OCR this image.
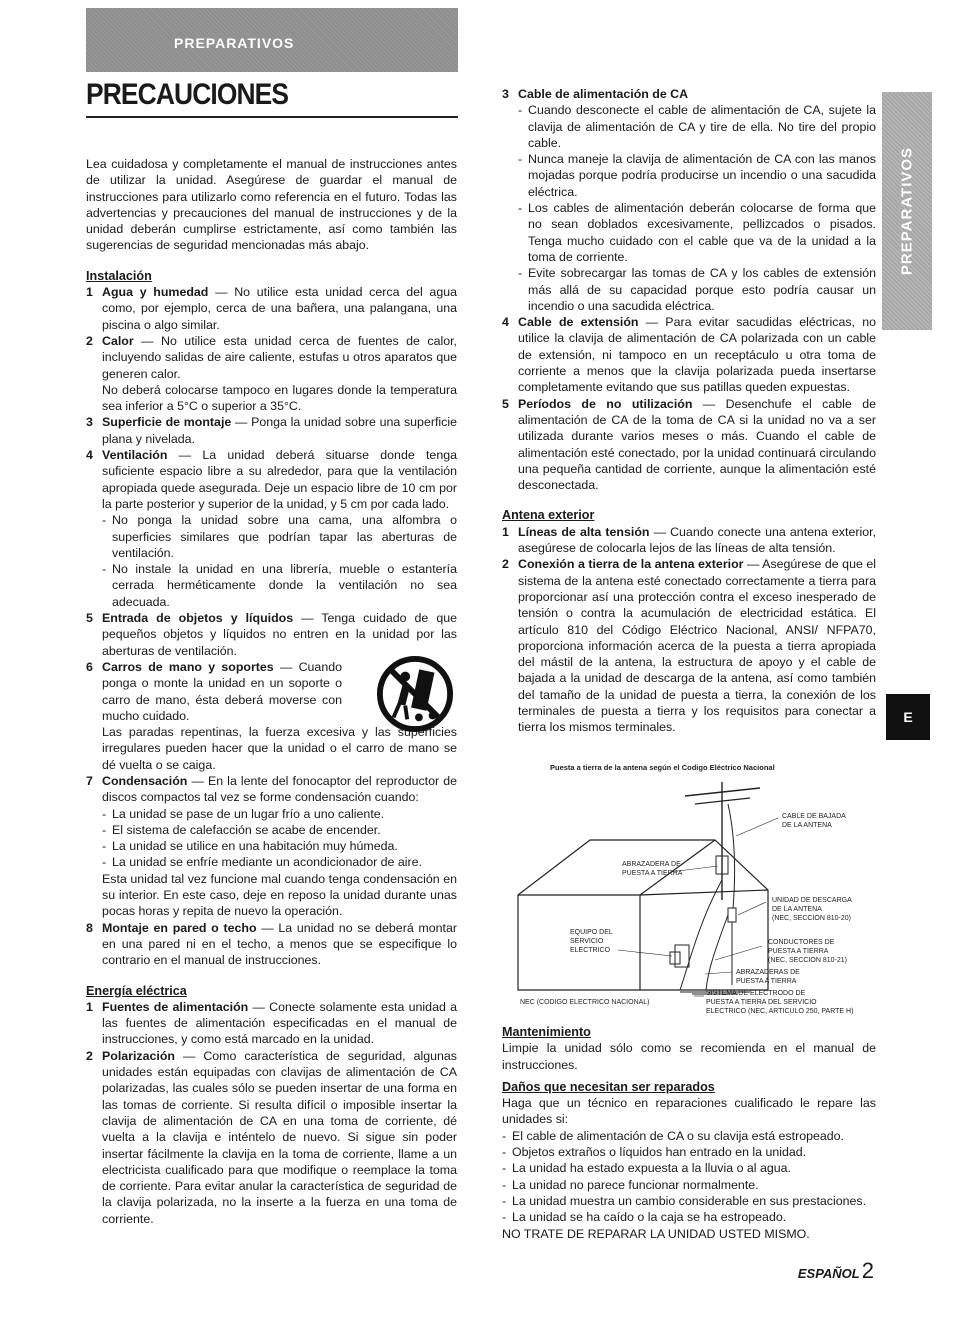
PREPARATIVOS
PRECAUCIONES

Lea cuidadosa y completamente el manual de instrucciones antes de utilizar la unidad. Asegúrese de guardar el manual de instrucciones para utilizarlo como referencia en el futuro. Todas las advertencias y precauciones del manual de instrucciones y de la unidad deberán cumplirse estrictamente, así como también las sugerencias de seguridad mencionadas más abajo.

Instalación
1 Agua y humedad — No utilice esta unidad cerca del agua como, por ejemplo, cerca de una bañera, una palangana, una piscina o algo similar.
2 Calor — No utilice esta unidad cerca de fuentes de calor, incluyendo salidas de aire caliente, estufas u otros aparatos que generen calor.

No deberá colocarse tampoco en lugares donde la temperatura sea inferior a 5°C o superior a 35°C.

3 Superficie de montaje — Ponga la unidad sobre una superficie plana y nivelada.
4 Ventilación — La unidad deberá situarse donde tenga suficiente espacio libre a su alrededor, para que la ventilación apropiada quede asegurada. Deje un espacio libre de 10 cm por la parte posterior y superior de la unidad, y 5 cm por cada lado.

- No ponga la unidad sobre una cama, una alfombra o superficies similares que podrían tapar las aberturas de ventilación.

- No instale la unidad en una librería, mueble o estantería cerrada herméticamente donde la ventilación no sea adecuada.

5 Entrada de objetos y líquidos — Tenga cuidado de que pequeños objetos y líquidos no entren en la unidad por las aberturas de ventilación.
6 Carros de mano y soportes — Cuando ponga o monte la unidad en un soporte o carro de mano, ésta deberá moverse con mucho cuidado.

Las paradas repentinas, la fuerza excesiva y las superficies irregulares pueden hacer que la unidad o el carro de mano se dé vuelta o se caiga.

7 Condensación — En la lente del fonocaptor del reproductor de discos compactos tal vez se forme condensación cuando:

- La unidad se pase de un lugar frío a uno caliente.

- El sistema de calefacción se acabe de encender.

- La unidad se utilice en una habitación muy húmeda.

- La unidad se enfríe mediante un acondicionador de aire.

Esta unidad tal vez funcione mal cuando tenga condensación en su interior. En este caso, deje en reposo la unidad durante unas pocas horas y repita de nuevo la operación.

8 Montaje en pared o techo — La unidad no se deberá montar en una pared ni en el techo, a menos que se especifique lo contrario en el manual de instrucciones.
Energía eléctrica
1 Fuentes de alimentación — Conecte solamente esta unidad a las fuentes de alimentación especificadas en el manual de instrucciones, y como está marcado en la unidad.
2 Polarización — Como característica de seguridad, algunas unidades están equipadas con clavijas de alimentación de CA polarizadas, las cuales sólo se pueden insertar de una forma en las tomas de corriente. Si resulta difícil o imposible insertar la clavija de alimentación de CA en una toma de corriente, dé vuelta a la clavija e inténtelo de nuevo. Si sigue sin poder insertar fácilmente la clavija en la toma de corriente, llame a un electricista cualificado para que modifique o reemplace la toma de corriente. Para evitar anular la característica de seguridad de la clavija polarizada, no la inserte a la fuerza en una toma de corriente.
3 Cable de alimentación de CA

- Cuando desconecte el cable de alimentación de CA, sujete la clavija de alimentación de CA y tire de ella. No tire del propio cable.

- Nunca maneje la clavija de alimentación de CA con las manos mojadas porque podría producirse un incendio o una sacudida eléctrica.

- Los cables de alimentación deberán colocarse de forma que no sean doblados excesivamente, pellizcados o pisados. Tenga mucho cuidado con el cable que va de la unidad a la toma de corriente.

- Evite sobrecargar las tomas de CA y los cables de extensión más allá de su capacidad porque esto podría causar un incendio o una sacudida eléctrica.

4 Cable de extensión — Para evitar sacudidas eléctricas, no utilice la clavija de alimentación de CA polarizada con un cable de extensión, ni tampoco en un receptáculo u otra toma de corriente a menos que la clavija polarizada pueda insertarse completamente evitando que sus patillas queden expuestas.
5 Períodos de no utilización — Desenchufe el cable de alimentación de CA de la toma de CA si la unidad no va a ser utilizada durante varios meses o más. Cuando el cable de alimentación esté conectado, por la unidad continuará circulando una pequeña cantidad de corriente, aunque la alimentación esté desconectada.
Antena exterior
1 Líneas de alta tensión — Cuando conecte una antena exterior, asegúrese de colocarla lejos de las líneas de alta tensión.
2 Conexión a tierra de la antena exterior — Asegúrese de que el sistema de la antena esté conectado correctamente a tierra para proporcionar así una protección contra el exceso inesperado de tensión o contra la acumulación de electricidad estática. El artículo 810 del Código Eléctrico Nacional, ANSI/ NFPA70, proporciona información acerca de la puesta a tierra apropiada del mástil de la antena, la estructura de apoyo y el cable de bajada a la unidad de descarga de la antena, así como también del tamaño de la unidad de puesta a tierra, la conexión de los terminales de puesta a tierra y los requisitos para conectar a tierra los mismos terminales.
Puesta a tierra de la antena según el Codigo Eléctrico Nacional
CABLE DE BAJADA DE LA ANTENA
ABRAZADERA DE PUESTA A TIERRA
UNIDAD DE DESCARGA DE LA ANTENA (NEC, SECCION 810-20)
EQUIPO DEL SERVICIO ELECTRICO
CONDUCTORES DE PUESTA A TIERRA (NEC, SECCION 810-21)
ABRAZADERAS DE PUESTA A TIERRA
SISTEMA DE ELECTRODO DE PUESTA A TIERRA DEL SERVICIO ELECTRICO (NEC, ARTICULO 250, PARTE H)
NEC (CODIGO ELECTRICO NACIONAL)
Mantenimiento

Limpie la unidad sólo como se recomienda en el manual de instrucciones.

Daños que necesitan ser reparados

Haga que un técnico en reparaciones cualificado le repare las unidades si:

- El cable de alimentación de CA o su clavija está estropeado.

- Objetos extraños o líquidos han entrado en la unidad.

- La unidad ha estado expuesta a la lluvia o al agua.

- La unidad no parece funcionar normalmente.

- La unidad muestra un cambio considerable en sus prestaciones.

- La unidad se ha caído o la caja se ha estropeado.

NO TRATE DE REPARAR LA UNIDAD USTED MISMO.

PREPARATIVOS
E
ESPAÑOL2
